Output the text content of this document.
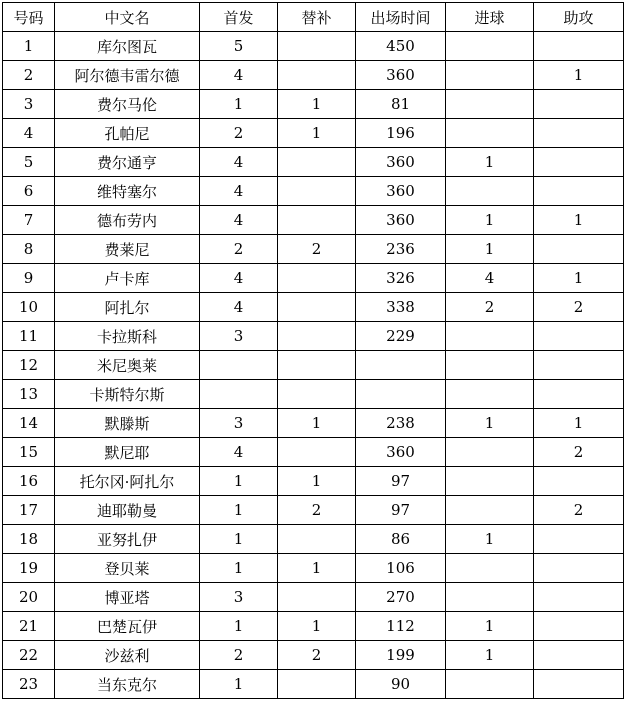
号码	中文名	首发	替补	出场时间	进球	助攻
1	库尔图瓦	5		450		
2	阿尔德韦雷尔德	4		360		1
3	费尔马伦	1	1	81		
4	孔帕尼	2	1	196		
5	费尔通亨	4		360	1	
6	维特塞尔	4		360		
7	德布劳内	4		360	1	1
8	费莱尼	2	2	236	1	
9	卢卡库	4		326	4	1
10	阿扎尔	4		338	2	2
11	卡拉斯科	3		229		
12	米尼奥莱					
13	卡斯特尔斯					
14	默滕斯	3	1	238	1	1
15	默尼耶	4		360		2
16	托尔冈·阿扎尔	1	1	97		
17	迪耶勒曼	1	2	97		2
18	亚努扎伊	1		86	1	
19	登贝莱	1	1	106		
20	博亚塔	3		270		
21	巴楚瓦伊	1	1	112	1	
22	沙兹利	2	2	199	1	
23	当东克尔	1		90		
